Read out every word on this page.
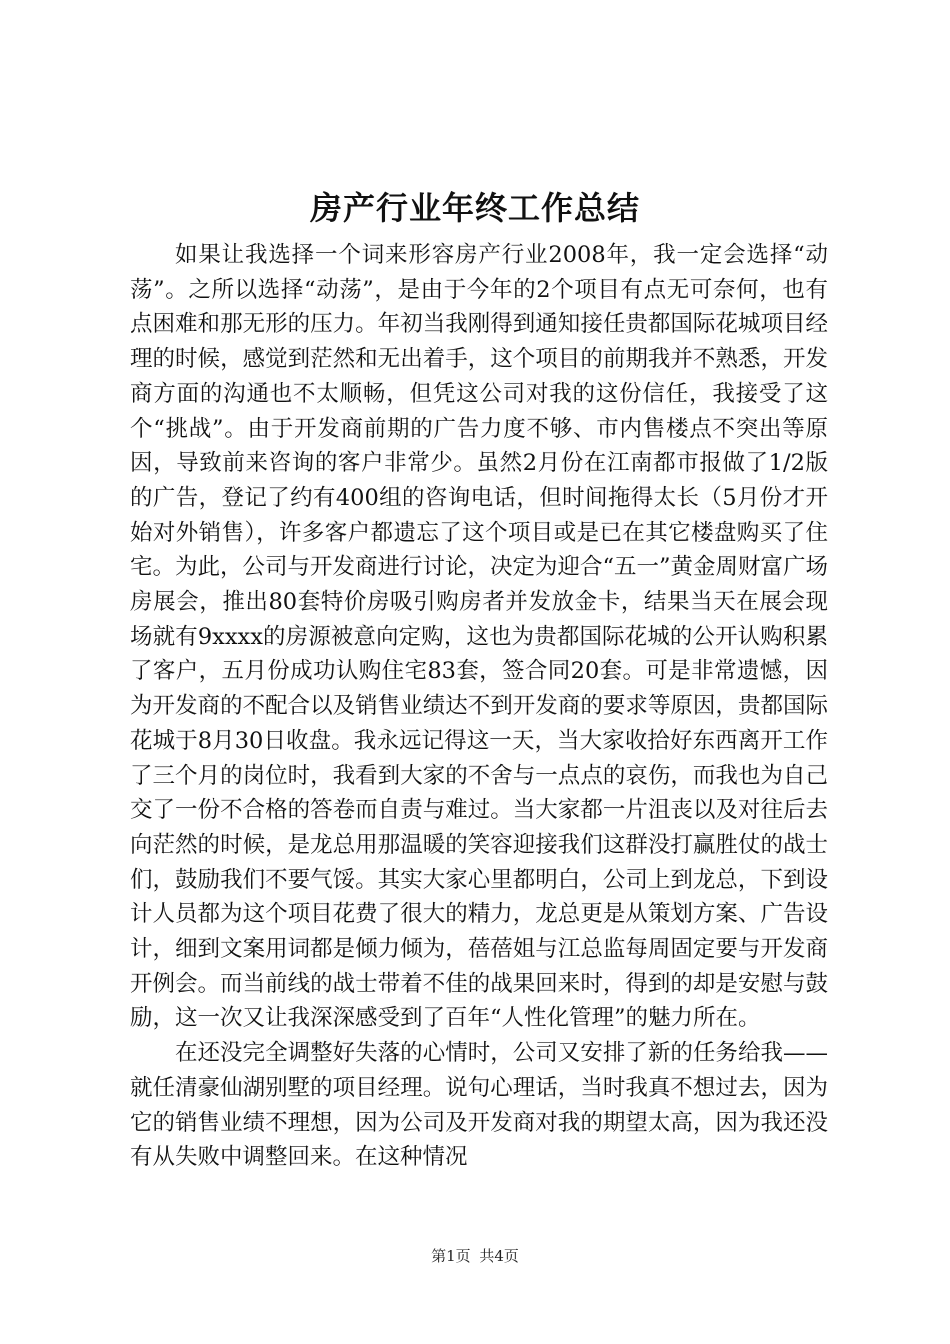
房产行业年终工作总结

如果让我选择一个词来形容房产行业2008年，我一定会选择“动荡”。之所以选择“动荡”，是由于今年的2个项目有点无可奈何，也有点困难和那无形的压力。年初当我刚得到通知接任贵都国际花城项目经理的时候，感觉到茫然和无出着手，这个项目的前期我并不熟悉，开发商方面的沟通也不太顺畅，但凭这公司对我的这份信任，我接受了这个“挑战”。由于开发商前期的广告力度不够、市内售楼点不突出等原因，导致前来咨询的客户非常少。虽然2月份在江南都市报做了1/2版的广告，登记了约有400组的咨询电话，但时间拖得太长（5月份才开始对外销售），许多客户都遗忘了这个项目或是已在其它楼盘购买了住宅。为此，公司与开发商进行讨论，决定为迎合“五一”黄金周财富广场房展会，推出80套特价房吸引购房者并发放金卡，结果当天在展会现场就有9xxxx的房源被意向定购，这也为贵都国际花城的公开认购积累了客户，五月份成功认购住宅83套，签合同20套。可是非常遗憾，因为开发商的不配合以及销售业绩达不到开发商的要求等原因，贵都国际花城于8月30日收盘。我永远记得这一天，当大家收拾好东西离开工作了三个月的岗位时，我看到大家的不舍与一点点的哀伤，而我也为自己交了一份不合格的答卷而自责与难过。当大家都一片沮丧以及对往后去向茫然的时候，是龙总用那温暖的笑容迎接我们这群没打赢胜仗的战士们，鼓励我们不要气馁。其实大家心里都明白，公司上到龙总，下到设计人员都为这个项目花费了很大的精力，龙总更是从策划方案、广告设计，细到文案用词都是倾力倾为，蓓蓓姐与江总监每周固定要与开发商开例会。而当前线的战士带着不佳的战果回来时，得到的却是安慰与鼓励，这一次又让我深深感受到了百年“人性化管理”的魅力所在。

在还没完全调整好失落的心情时，公司又安排了新的任务给我——就任清豪仙湖别墅的项目经理。说句心理话，当时我真不想过去，因为它的销售业绩不理想，因为公司及开发商对我的期望太高，因为我还没有从失败中调整回来。在这种情况

第1页 共4页
